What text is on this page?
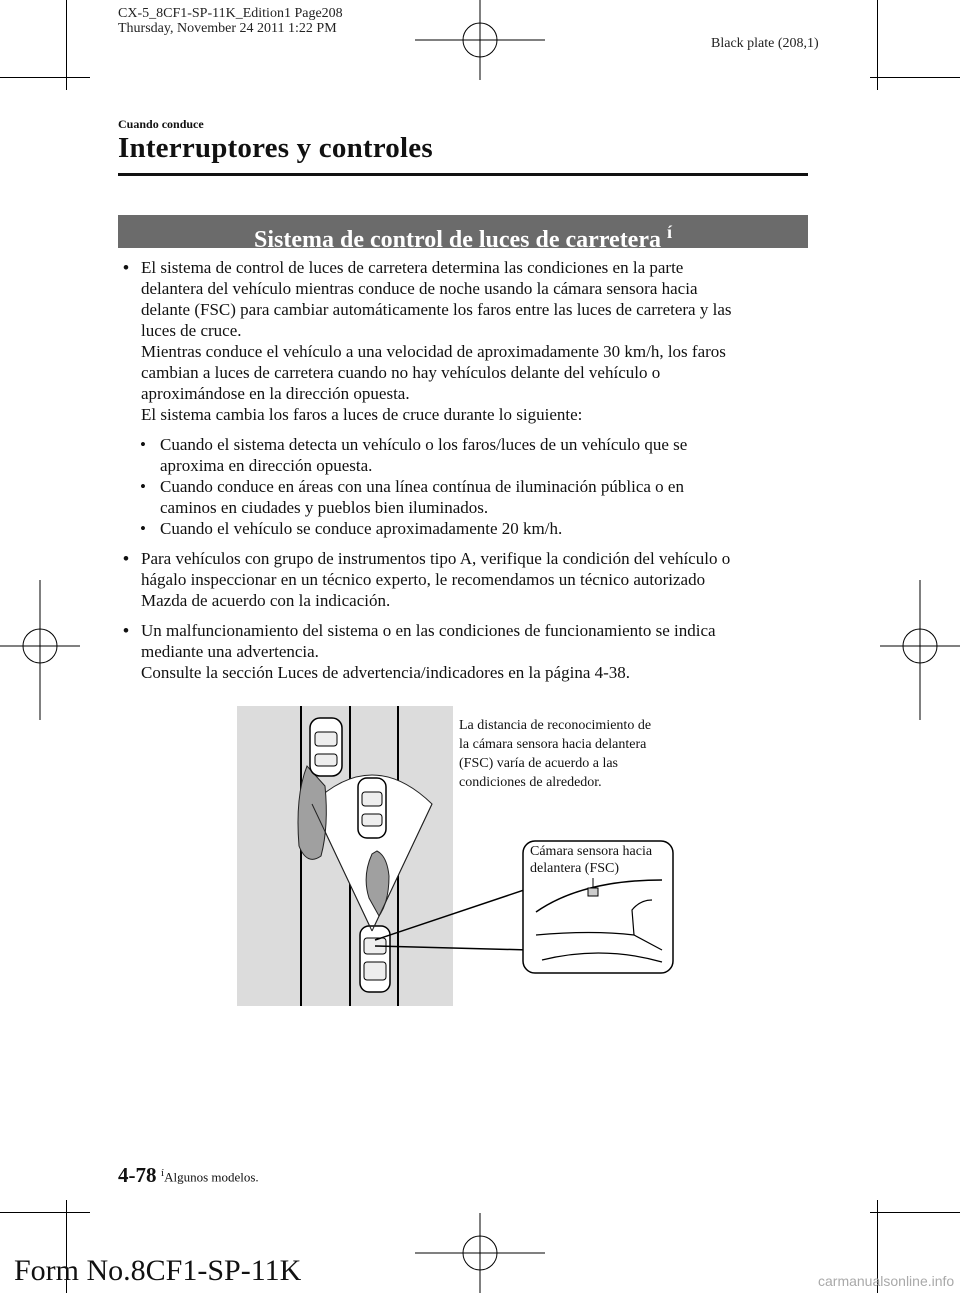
CX-5_8CF1-SP-11K_Edition1 Page208
Thursday, November 24 2011 1:22 PM
Black plate (208,1)
Cuando conduce
Interruptores y controles
Sistema de control de luces de carretera $^í$
• El sistema de control de luces de carretera determina las condiciones en la parte

delantera del vehículo mientras conduce de noche usando la cámara sensora hacia

delante (FSC) para cambiar automáticamente los faros entre las luces de carretera y las

luces de cruce.

Mientras conduce el vehículo a una velocidad de aproximadamente 30 km/h, los faros

cambian a luces de carretera cuando no hay vehículos delante del vehículo o

aproximándose en la dirección opuesta.

El sistema cambia los faros a luces de cruce durante lo siguiente:

• Cuando el sistema detecta un vehículo o los faros/luces de un vehículo que se

aproxima en dirección opuesta.

• Cuando conduce en áreas con una línea contínua de iluminación pública o en

caminos en ciudades y pueblos bien iluminados.

• Cuando el vehículo se conduce aproximadamente 20 km/h.

• Para vehículos con grupo de instrumentos tipo A, verifique la condición del vehículo o

hágalo inspeccionar en un técnico experto, le recomendamos un técnico autorizado

Mazda de acuerdo con la indicación.

• Un malfuncionamiento del sistema o en las condiciones de funcionamiento se indica

mediante una advertencia.

Consulte la sección Luces de advertencia/indicadores en la página 4-38.

La distancia de reconocimiento de
la cámara sensora hacia delantera
(FSC) varía de acuerdo a las
condiciones de alrededor.
Cámara sensora hacia
delantera (FSC)
4-78 $^í$Algunos modelos.
Form No.8CF1-SP-11K	carmanualsonline.info
